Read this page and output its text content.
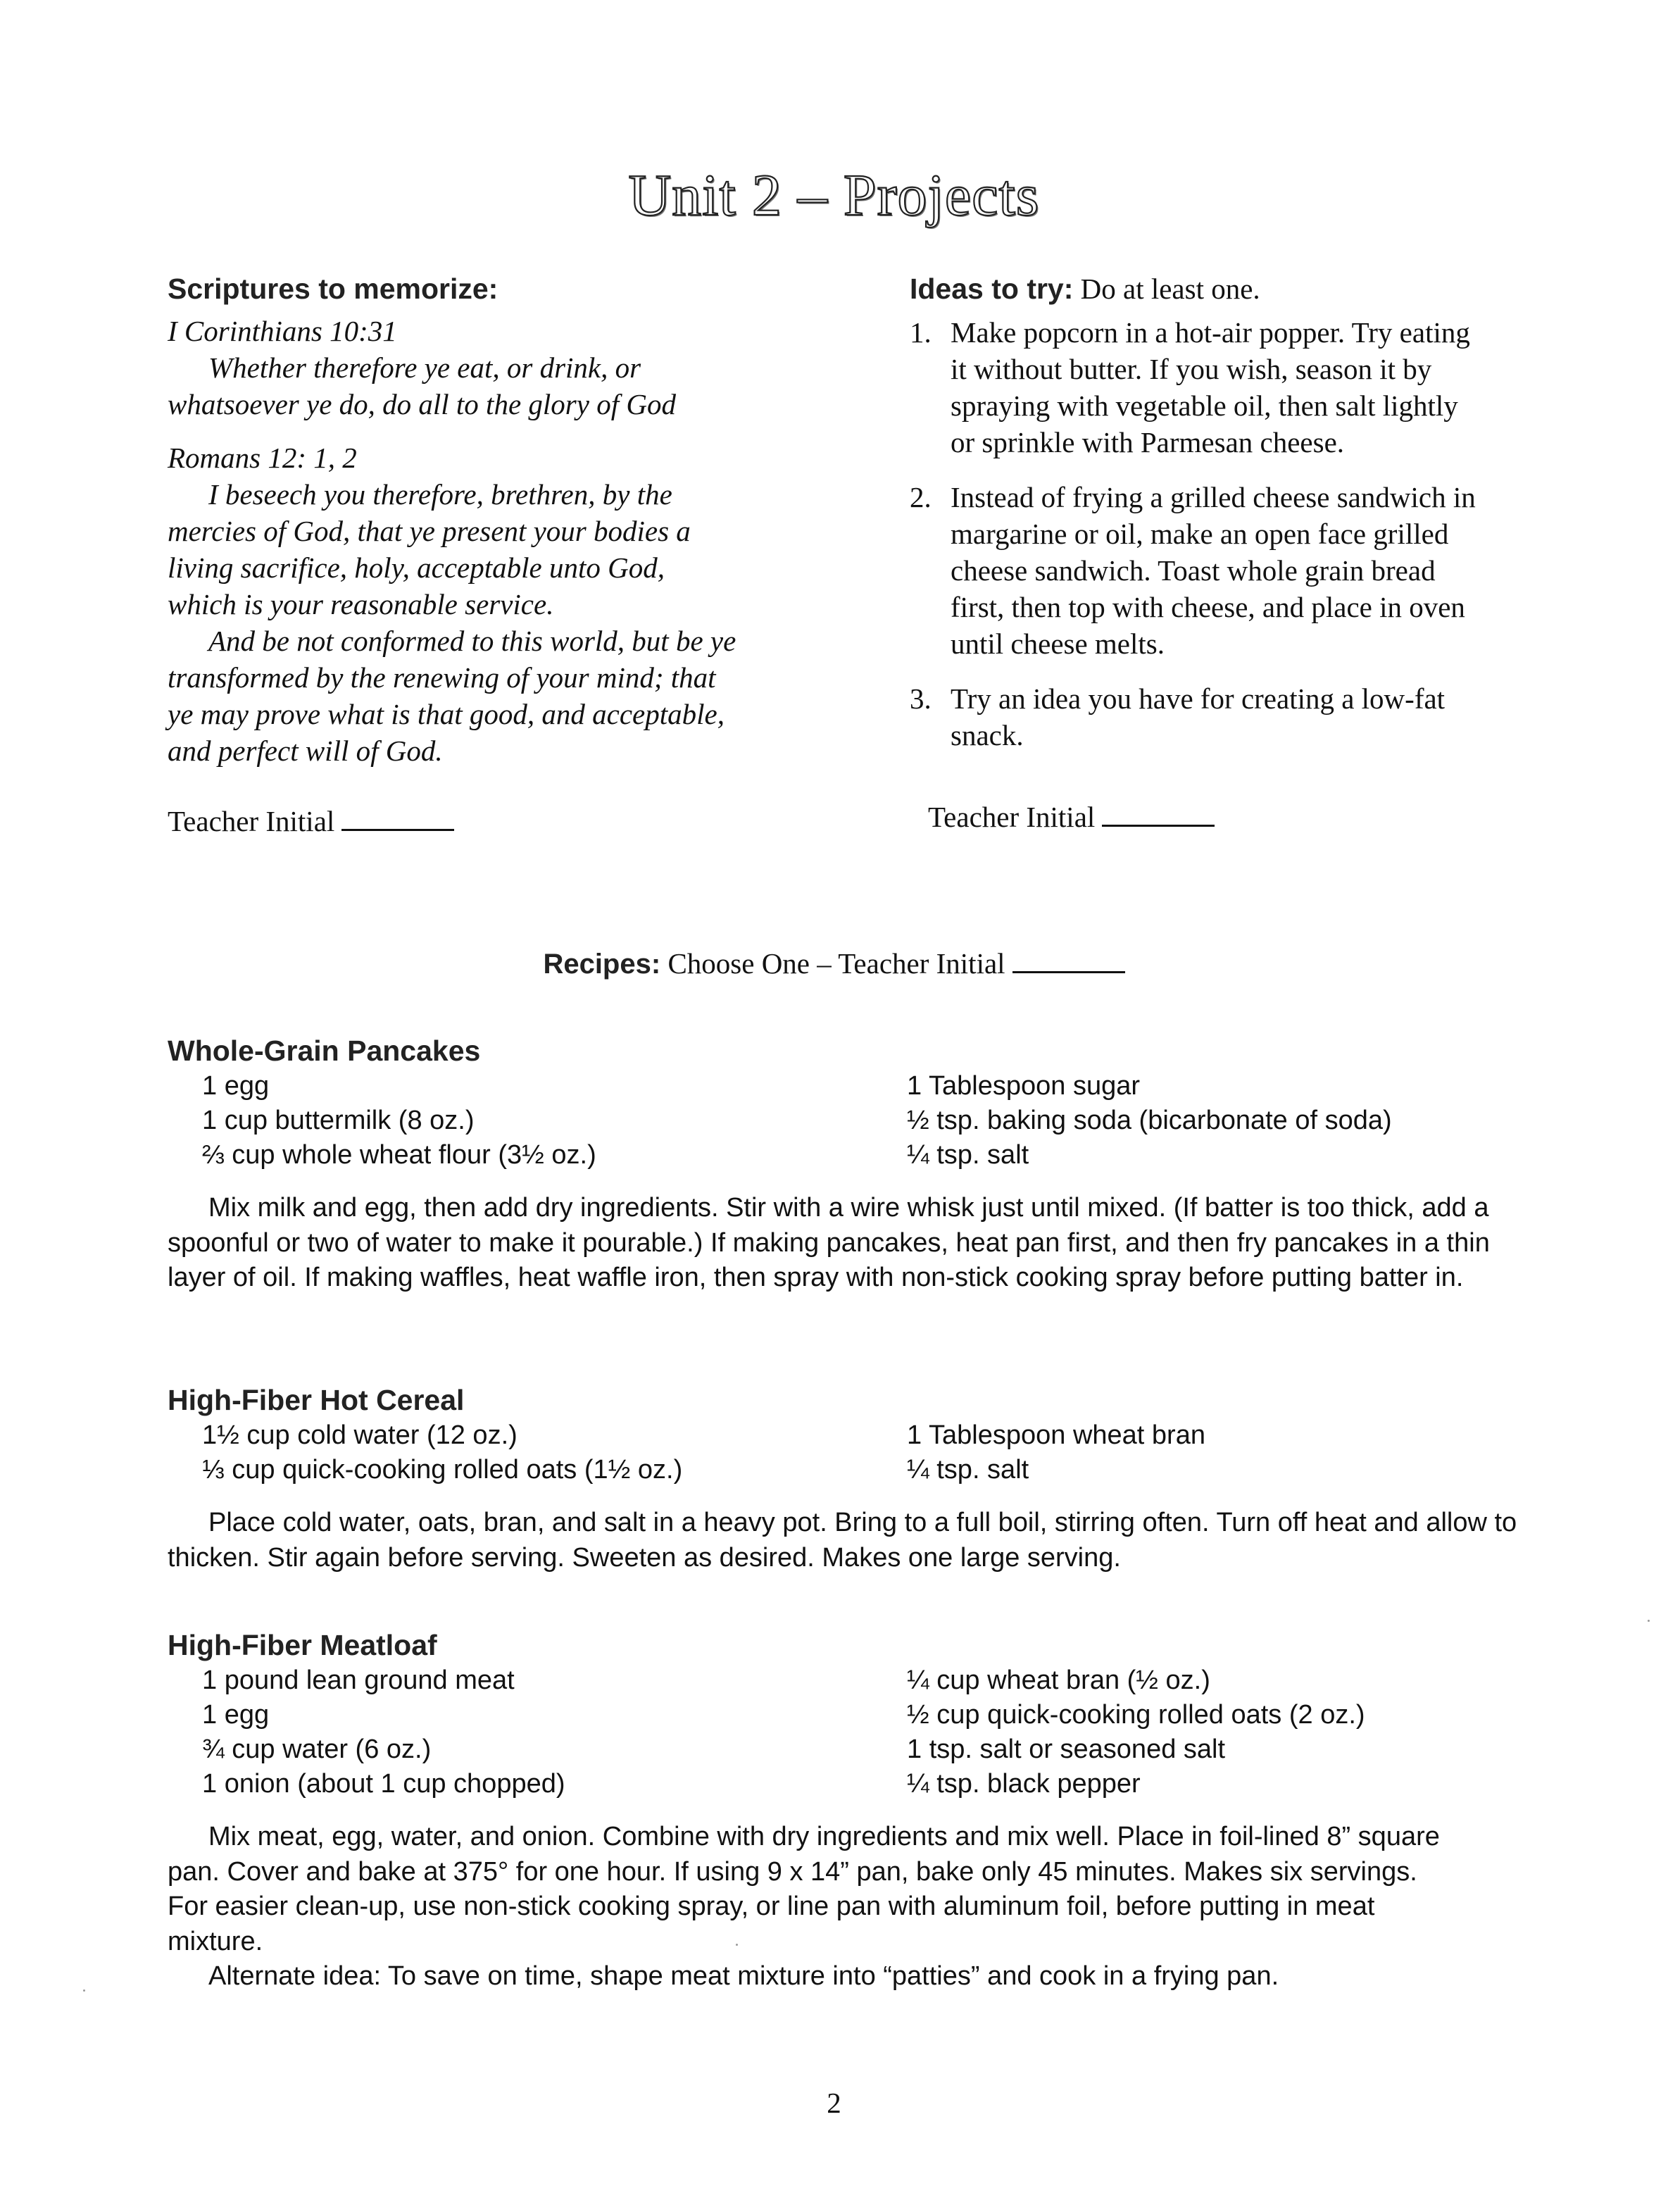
Unit 2 – Projects
Scriptures to memorize:
I Corinthians 10:31
Whether therefore ye eat, or drink, or
whatsoever ye do, do all to the glory of God
Romans 12: 1, 2
I beseech you therefore, brethren, by the
mercies of God, that ye present your bodies a
living sacrifice, holy, acceptable unto God,
which is your reasonable service.
And be not conformed to this world, but be ye
transformed by the renewing of your mind; that
ye may prove what is that good, and acceptable,
and perfect will of God.
Teacher Initial
Ideas to try: Do at least one.
1. Make popcorn in a hot-air popper. Try eating
it without butter. If you wish, season it by
spraying with vegetable oil, then salt lightly
or sprinkle with Parmesan cheese.
2. Instead of frying a grilled cheese sandwich in
margarine or oil, make an open face grilled
cheese sandwich. Toast whole grain bread
first, then top with cheese, and place in oven
until cheese melts.
3. Try an idea you have for creating a low-fat
snack.
Teacher Initial
Recipes: Choose One – Teacher Initial
Whole-Grain Pancakes
1 egg	1 Tablespoon sugar
1 cup buttermilk (8 oz.)	½ tsp. baking soda (bicarbonate of soda)
⅔ cup whole wheat flour (3½ oz.)	¼ tsp. salt

Mix milk and egg, then add dry ingredients. Stir with a wire whisk just until mixed. (If batter is too thick, add a spoonful or two of water to make it pourable.) If making pancakes, heat pan first, and then fry pancakes in a thin layer of oil. If making waffles, heat waffle iron, then spray with non-stick cooking spray before putting batter in.

High-Fiber Hot Cereal
1½ cup cold water (12 oz.)	1 Tablespoon wheat bran
⅓ cup quick-cooking rolled oats (1½ oz.)	¼ tsp. salt

Place cold water, oats, bran, and salt in a heavy pot. Bring to a full boil, stirring often. Turn off heat and allow to thicken. Stir again before serving. Sweeten as desired. Makes one large serving.

High-Fiber Meatloaf
1 pound lean ground meat	¼ cup wheat bran (½ oz.)
1 egg	½ cup quick-cooking rolled oats (2 oz.)
¾ cup water (6 oz.)	1 tsp. salt or seasoned salt
1 onion (about 1 cup chopped)	¼ tsp. black pepper

Mix meat, egg, water, and onion. Combine with dry ingredients and mix well. Place in foil-lined 8” square pan. Cover and bake at 375° for one hour. If using 9 x 14” pan, bake only 45 minutes. Makes six servings. For easier clean-up, use non-stick cooking spray, or line pan with aluminum foil, before putting in meat mixture.

Alternate idea: To save on time, shape meat mixture into “patties” and cook in a frying pan.

2
